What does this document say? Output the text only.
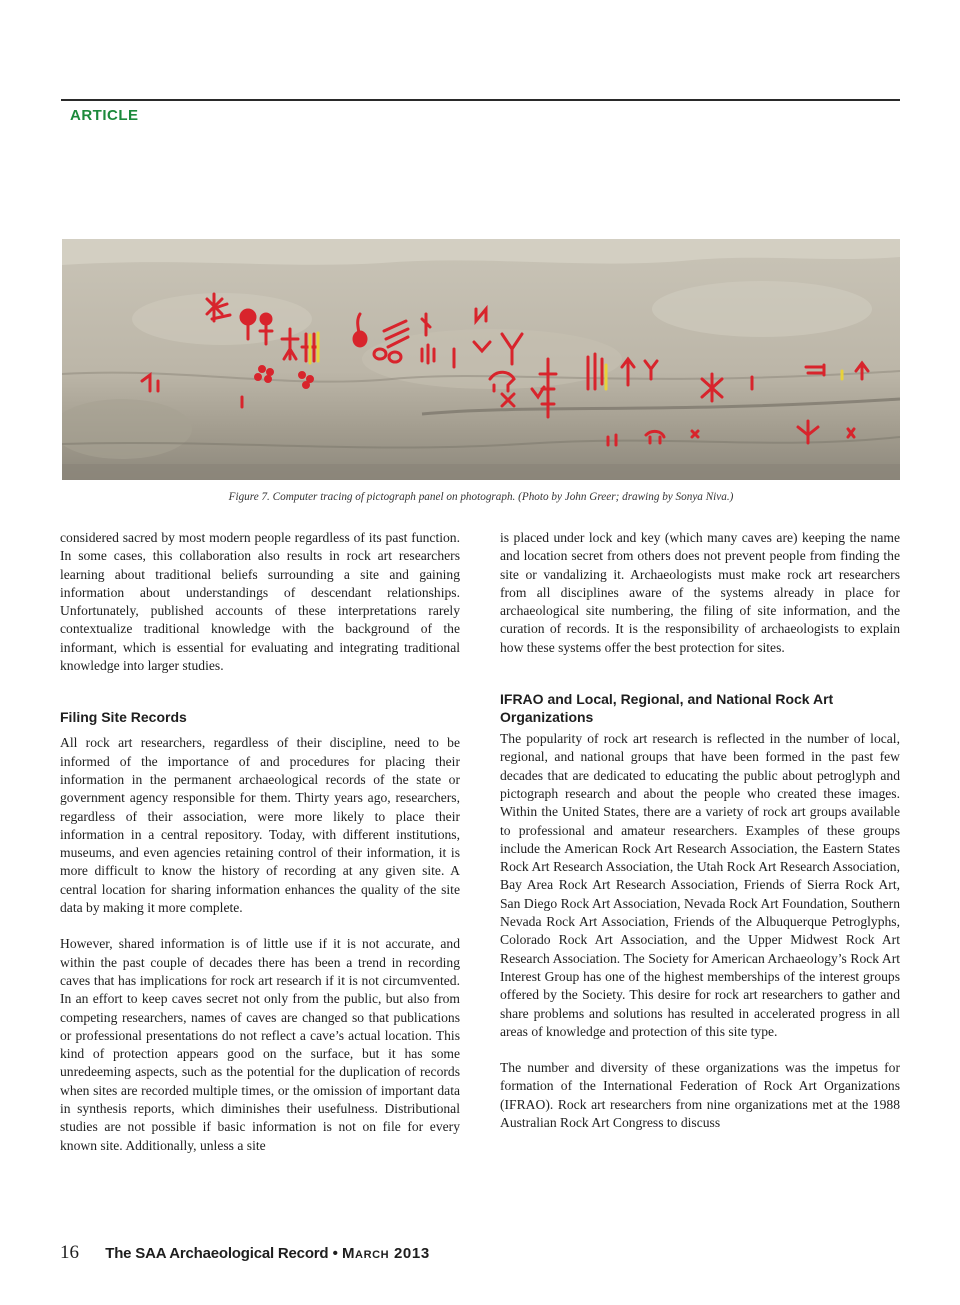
ARTICLE
Figure 7. Computer tracing of pictograph panel on photograph. (Photo by John Greer; drawing by Sonya Niva.)

considered sacred by most modern people regardless of its past function. In some cases, this collaboration also results in rock art researchers learning about traditional beliefs surrounding a site and gaining information about understandings of descendant relationships. Unfortunately, published accounts of these interpretations rarely contextualize traditional knowledge with the background of the informant, which is essential for evaluating and integrating traditional knowledge into larger studies.

Filing Site Records

All rock art researchers, regardless of their discipline, need to be informed of the importance of and procedures for placing their information in the permanent archaeological records of the state or government agency responsible for them. Thirty years ago, researchers, regardless of their association, were more likely to place their information in a central repository. Today, with different institutions, museums, and even agencies retaining control of their information, it is more difficult to know the history of recording at any given site. A central location for sharing information enhances the quality of the site data by making it more complete.

However, shared information is of little use if it is not accurate, and within the past couple of decades there has been a trend in recording caves that has implications for rock art research if it is not circumvented. In an effort to keep caves secret not only from the public, but also from competing researchers, names of caves are changed so that publications or professional presentations do not reflect a cave’s actual location. This kind of protection appears good on the surface, but it has some unredeeming aspects, such as the potential for the duplication of records when sites are recorded multiple times, or the omission of important data in synthesis reports, which diminishes their usefulness. Distributional studies are not possible if basic information is not on file for every known site. Additionally, unless a site

is placed under lock and key (which many caves are) keeping the name and location secret from others does not prevent people from finding the site or vandalizing it. Archaeologists must make rock art researchers from all disciplines aware of the systems already in place for archaeological site numbering, the filing of site information, and the curation of records. It is the responsibility of archaeologists to explain how these systems offer the best protection for sites.

IFRAO and Local, Regional, and National Rock Art Organizations

The popularity of rock art research is reflected in the number of local, regional, and national groups that have been formed in the past few decades that are dedicated to educating the public about petroglyph and pictograph research and about the people who created these images. Within the United States, there are a variety of rock art groups available to professional and amateur researchers. Examples of these groups include the American Rock Art Research Association, the Eastern States Rock Art Research Association, the Utah Rock Art Research Association, Bay Area Rock Art Research Association, Friends of Sierra Rock Art, San Diego Rock Art Association, Nevada Rock Art Foundation, Southern Nevada Rock Art Association, Friends of the Albuquerque Petroglyphs, Colorado Rock Art Association, and the Upper Midwest Rock Art Research Association. The Society for American Archaeology’s Rock Art Interest Group has one of the highest memberships of the interest groups offered by the Society. This desire for rock art researchers to gather and share problems and solutions has resulted in accelerated progress in all areas of knowledge and protection of this site type.

The number and diversity of these organizations was the impetus for formation of the International Federation of Rock Art Organizations (IFRAO). Rock art researchers from nine organizations met at the 1988 Australian Rock Art Congress to discuss

16 The SAA Archaeological Record • March 2013
